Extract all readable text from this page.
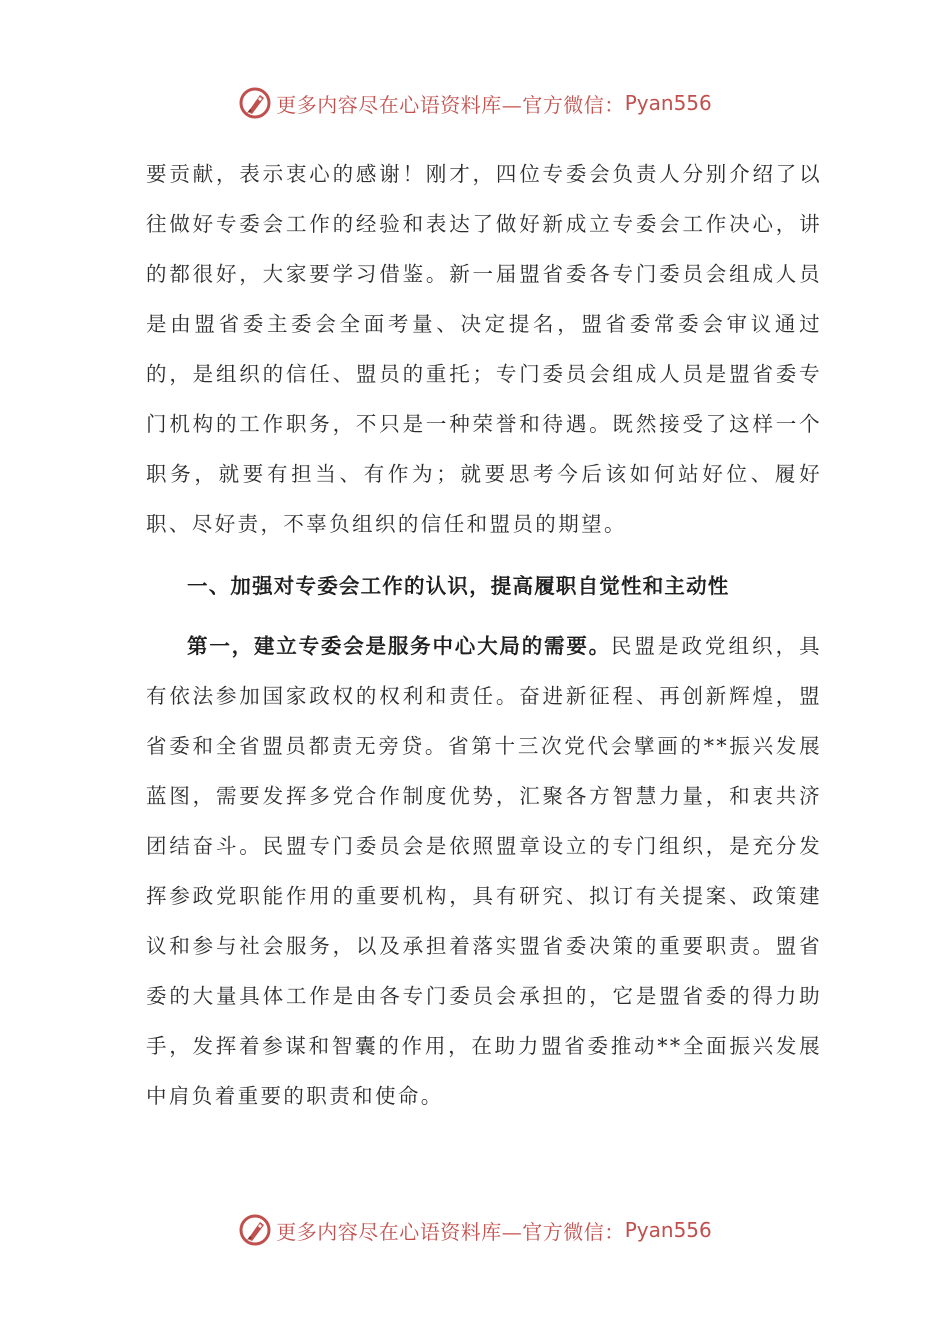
更多内容尽在心语资料库—官方微信： Pyan556

要贡献，表示衷心的感谢！刚才，四位专委会负责人分别介绍了以往做好专委会工作的经验和表达了做好新成立专委会工作决心，讲的都很好，大家要学习借鉴。新一届盟省委各专门委员会组成人员是由盟省委主委会全面考量、决定提名，盟省委常委会审议通过的，是组织的信任、盟员的重托；专门委员会组成人员是盟省委专门机构的工作职务，不只是一种荣誉和待遇。既然接受了这样一个职务，就要有担当、有作为；就要思考今后该如何站好位、履好职、尽好责，不辜负组织的信任和盟员的期望。

一、加强对专委会工作的认识，提高履职自觉性和主动性

第一，建立专委会是服务中心大局的需要。民盟是政党组织，具有依法参加国家政权的权利和责任。奋进新征程、再创新辉煌，盟省委和全省盟员都责无旁贷。省第十三次党代会擘画的**振兴发展蓝图，需要发挥多党合作制度优势，汇聚各方智慧力量，和衷共济团结奋斗。民盟专门委员会是依照盟章设立的专门组织，是充分发挥参政党职能作用的重要机构，具有研究、拟订有关提案、政策建议和参与社会服务，以及承担着落实盟省委决策的重要职责。盟省委的大量具体工作是由各专门委员会承担的，它是盟省委的得力助手，发挥着参谋和智囊的作用，在助力盟省委推动**全面振兴发展中肩负着重要的职责和使命。

更多内容尽在心语资料库—官方微信： Pyan556
